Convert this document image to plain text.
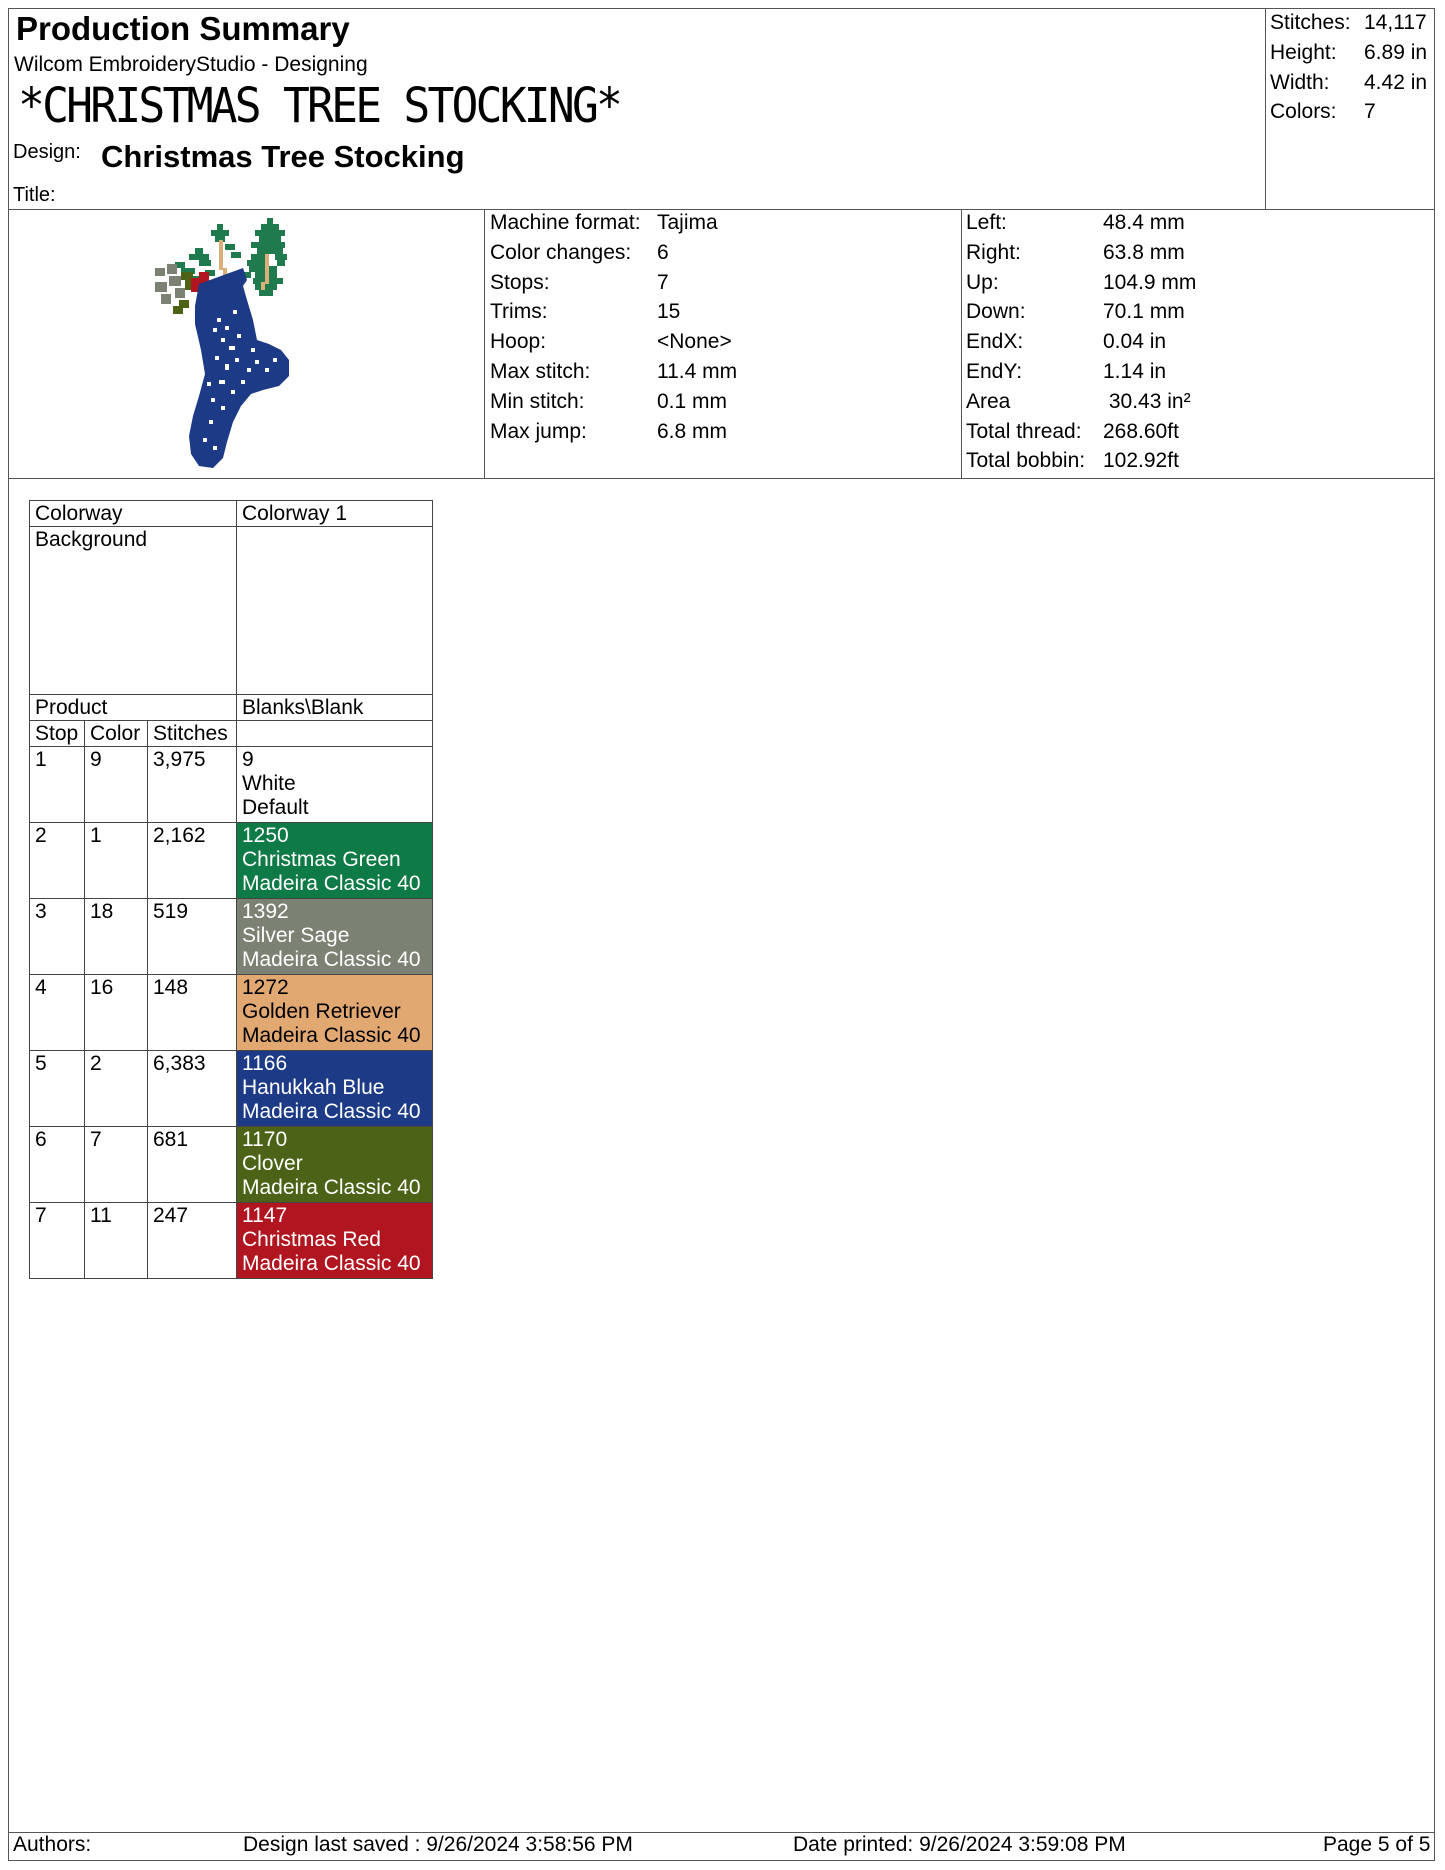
Production Summary
Wilcom EmbroideryStudio - Designing
*CHRISTMAS TREE STOCKING*
Design: Christmas Tree Stocking
Title:
Stitches: 14,117
Height:	6.89 in
Width:	4.42 in
Colors:	7
Machine format: Tajima
Color changes:	6
Stops:	7
Trims:	15
Hoop:	<None>
Max stitch:	11.4 mm
Min stitch:	0.1 mm
Max jump:	6.8 mm
Left:	48.4 mm
Right:	63.8 mm
Up:	104.9 mm
Down:	70.1 mm
EndX:	0.04 in
EndY:	1.14 in
Area	30.43 in²
Total thread:	268.60ft
Total bobbin: 102.92ft
Colorway			Colorway 1
Background			
Product			Blanks\Blank
Stop	Color	Stitches	
1	9	3,975	9
White
Default

2	1	2,162	1250
Christmas Green
Madeira Classic 40

3	18	519	1392
Silver Sage
Madeira Classic 40

4	16	148	1272
Golden Retriever
Madeira Classic 40

5	2	6,383	1166
Hanukkah Blue
Madeira Classic 40

6	7	681	1170
Clover
Madeira Classic 40

7	11	247	1147
Christmas Red
Madeira Classic 40
Authors:	Design last saved : 9/26/2024 3:58:56 PM	Date printed: 9/26/2024 3:59:08 PM	Page 5 of 5
